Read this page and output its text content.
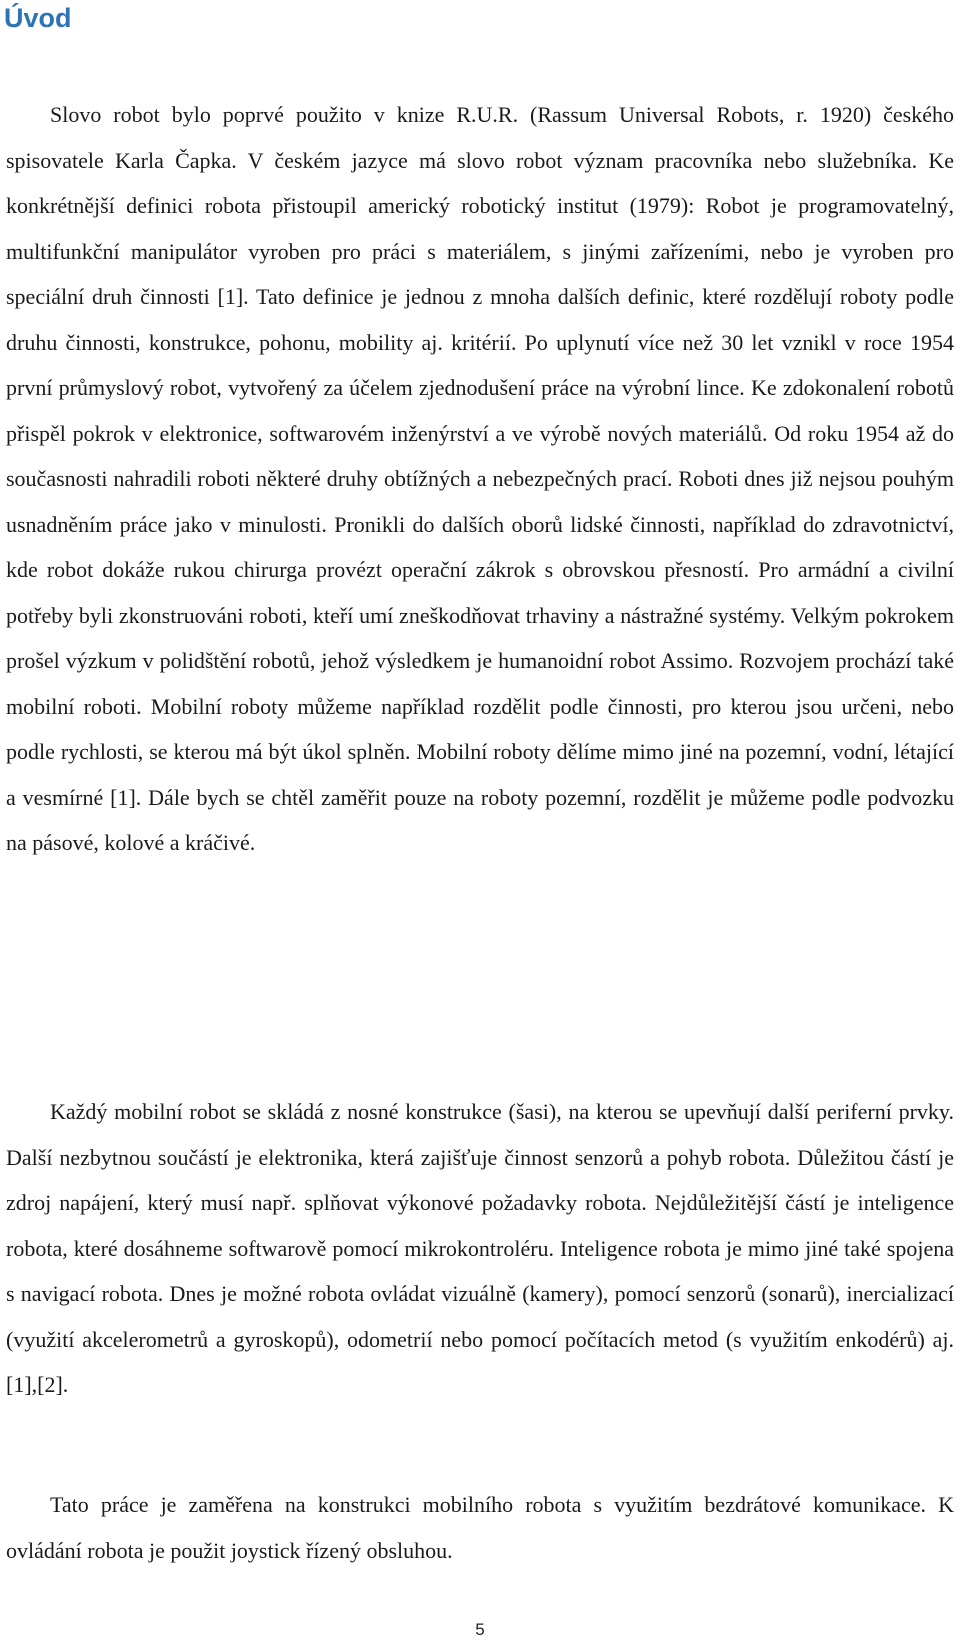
Úvod

Slovo robot bylo poprvé použito v knize R.U.R. (Rassum Universal Robots, r. 1920) českého spisovatele Karla Čapka. V českém jazyce má slovo robot význam pracovníka nebo služebníka. Ke konkrétnější definici robota přistoupil americký robotický institut (1979): Robot je programovatelný, multifunkční manipulátor vyroben pro práci s materiálem, s jinými zařízeními, nebo je vyroben pro speciální druh činnosti [1]. Tato definice je jednou z mnoha dalších definic, které rozdělují roboty podle druhu činnosti, konstrukce, pohonu, mobility aj. kritérií. Po uplynutí více než 30 let vznikl v roce 1954 první průmyslový robot, vytvořený za účelem zjednodušení práce na výrobní lince. Ke zdokonalení robotů přispěl pokrok v elektronice, softwarovém inženýrství a ve výrobě nových materiálů. Od roku 1954 až do současnosti nahradili roboti některé druhy obtížných a nebezpečných prací. Roboti dnes již nejsou pouhým usnadněním práce jako v minulosti. Pronikli do dalších oborů lidské činnosti, například do zdravotnictví, kde robot dokáže rukou chirurga provézt operační zákrok s obrovskou přesností. Pro armádní a civilní potřeby byli zkonstruováni roboti, kteří umí zneškodňovat trhaviny a nástražné systémy. Velkým pokrokem prošel výzkum v polidštění robotů, jehož výsledkem je humanoidní robot Assimo. Rozvojem prochází také mobilní roboti. Mobilní roboty můžeme například rozdělit podle činnosti, pro kterou jsou určeni, nebo podle rychlosti, se kterou má být úkol splněn. Mobilní roboty dělíme mimo jiné na pozemní, vodní, létající a vesmírné [1]. Dále bych se chtěl zaměřit pouze na roboty pozemní, rozdělit je můžeme podle podvozku na pásové, kolové a kráčivé.

Každý mobilní robot se skládá z nosné konstrukce (šasi), na kterou se upevňují další periferní prvky. Další nezbytnou součástí je elektronika, která zajišťuje činnost senzorů a pohyb robota. Důležitou částí je zdroj napájení, který musí např. splňovat výkonové požadavky robota. Nejdůležitější částí je inteligence robota, které dosáhneme softwarově pomocí mikrokontroléru. Inteligence robota je mimo jiné také spojena s navigací robota. Dnes je možné robota ovládat vizuálně (kamery), pomocí senzorů (sonarů), inercializací (využití akcelerometrů a gyroskopů), odometrií nebo pomocí počítacích metod (s využitím enkodérů) aj.[1],[2].

Tato práce je zaměřena na konstrukci mobilního robota s využitím bezdrátové komunikace. K ovládání robota je použit joystick řízený obsluhou.

5
